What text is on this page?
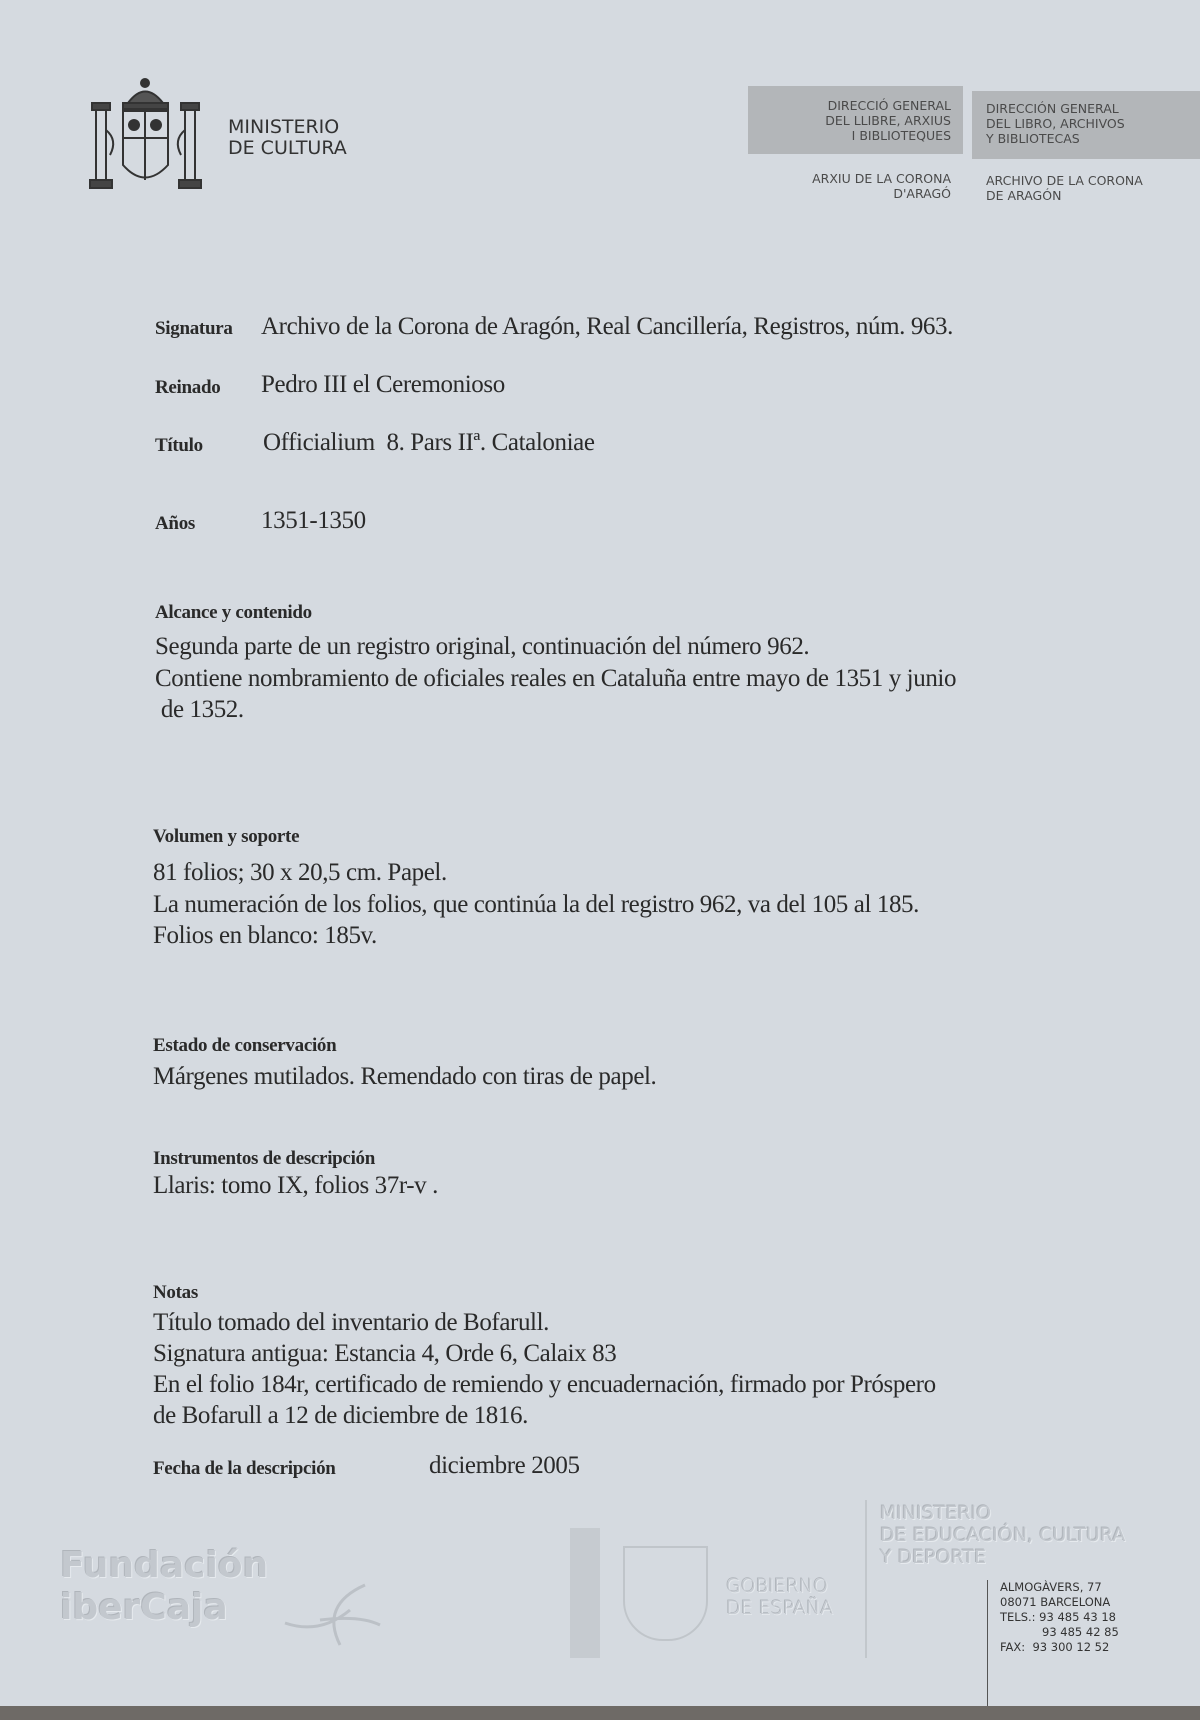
MINISTERIO
DE CULTURA
DIRECCIÓ GENERAL
DEL LLIBRE, ARXIUS
I BIBLIOTEQUES
DIRECCIÓN GENERAL
DEL LIBRO, ARCHIVOS
Y BIBLIOTECAS
ARXIU DE LA CORONA
D'ARAGÓ
ARCHIVO DE LA CORONA
DE ARAGÓN
Signatura Archivo de la Corona de Aragón, Real Cancillería, Registros, núm. 963.
Reinado Pedro III el Ceremonioso
Título Officialium  8. Pars IIª. Cataloniae
Años	1351-1350
Alcance y contenido
Segunda parte de un registro original, continuación del número 962.
Contiene nombramiento de oficiales reales en Cataluña entre mayo de 1351 y junio
de 1352.
Volumen y soporte
81 folios; 30 x 20,5 cm. Papel.
La numeración de los folios, que continúa la del registro 962, va del 105 al 185.
Folios en blanco: 185v.
Estado de conservación
Márgenes mutilados. Remendado con tiras de papel.
Instrumentos de descripción
Llaris: tomo IX, folios 37r-v .
Notas
Título tomado del inventario de Bofarull.
Signatura antigua: Estancia 4, Orde 6, Calaix 83
En el folio 184r, certificado de remiendo y encuadernación, firmado por Próspero
de Bofarull a 12 de diciembre de 1816.
Fecha de la descripción	diciembre 2005
Fundación
iberCaja
GOBIERNO
DE ESPAÑA
MINISTERIO
DE EDUCACIÓN, CULTURA
Y DEPORTE
ALMOGÀVERS, 77
08071 BARCELONA
TELS.: 93 485 43 18
93 485 42 85
FAX:  93 300 12 52
